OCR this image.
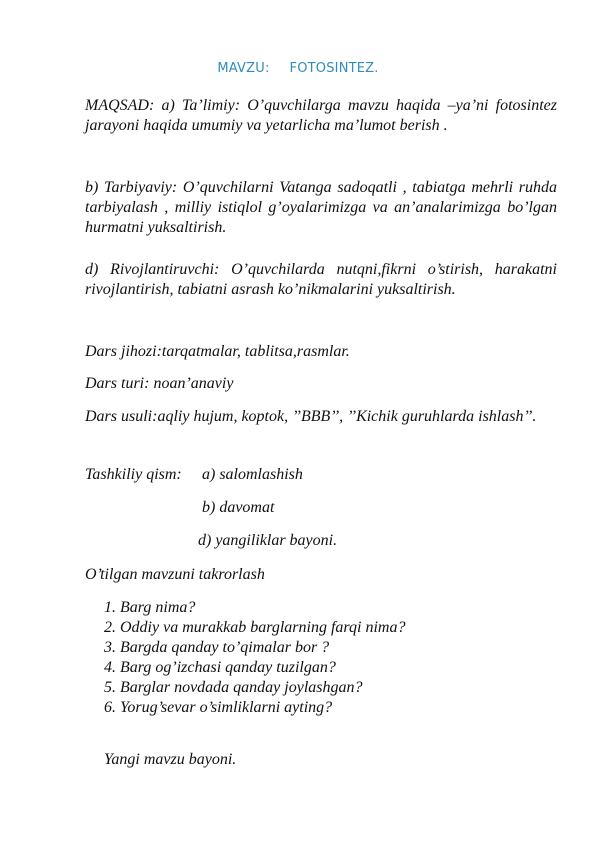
MAVZU: FOTOSINTEZ.
MAQSAD: a) Ta’limiy: O’quvchilarga mavzu haqida –ya’ni fotosintez jarayoni haqida umumiy va yetarlicha ma’lumot berish .
b) Tarbiyaviy: O’quvchilarni Vatanga sadoqatli , tabiatga mehrli ruhda tarbiyalash , milliy istiqlol g’oyalarimizga va an’analarimizga bo’lgan hurmatni yuksaltirish.
d) Rivojlantiruvchi: O’quvchilarda nutqni,fikrni o’stirish, harakatni rivojlantirish, tabiatni asrash ko’nikmalarini yuksaltirish.
Dars jihozi:tarqatmalar, tablitsa,rasmlar.
Dars turi: noan’anaviy
Dars usuli:aqliy hujum, koptok, ’’BBB’’, ’’Kichik guruhlarda ishlash’’.
Tashkiliy qism: a) salomlashish
b) davomat
d) yangiliklar bayoni.
O’tilgan mavzuni takrorlash
1. Barg nima?
2. Oddiy va murakkab barglarning farqi nima?
3. Bargda qanday to’qimalar bor ?
4. Barg og’izchasi qanday tuzilgan?
5. Barglar novdada qanday joylashgan?
6. Yorug’sevar o’simliklarni ayting?
Yangi mavzu bayoni.
